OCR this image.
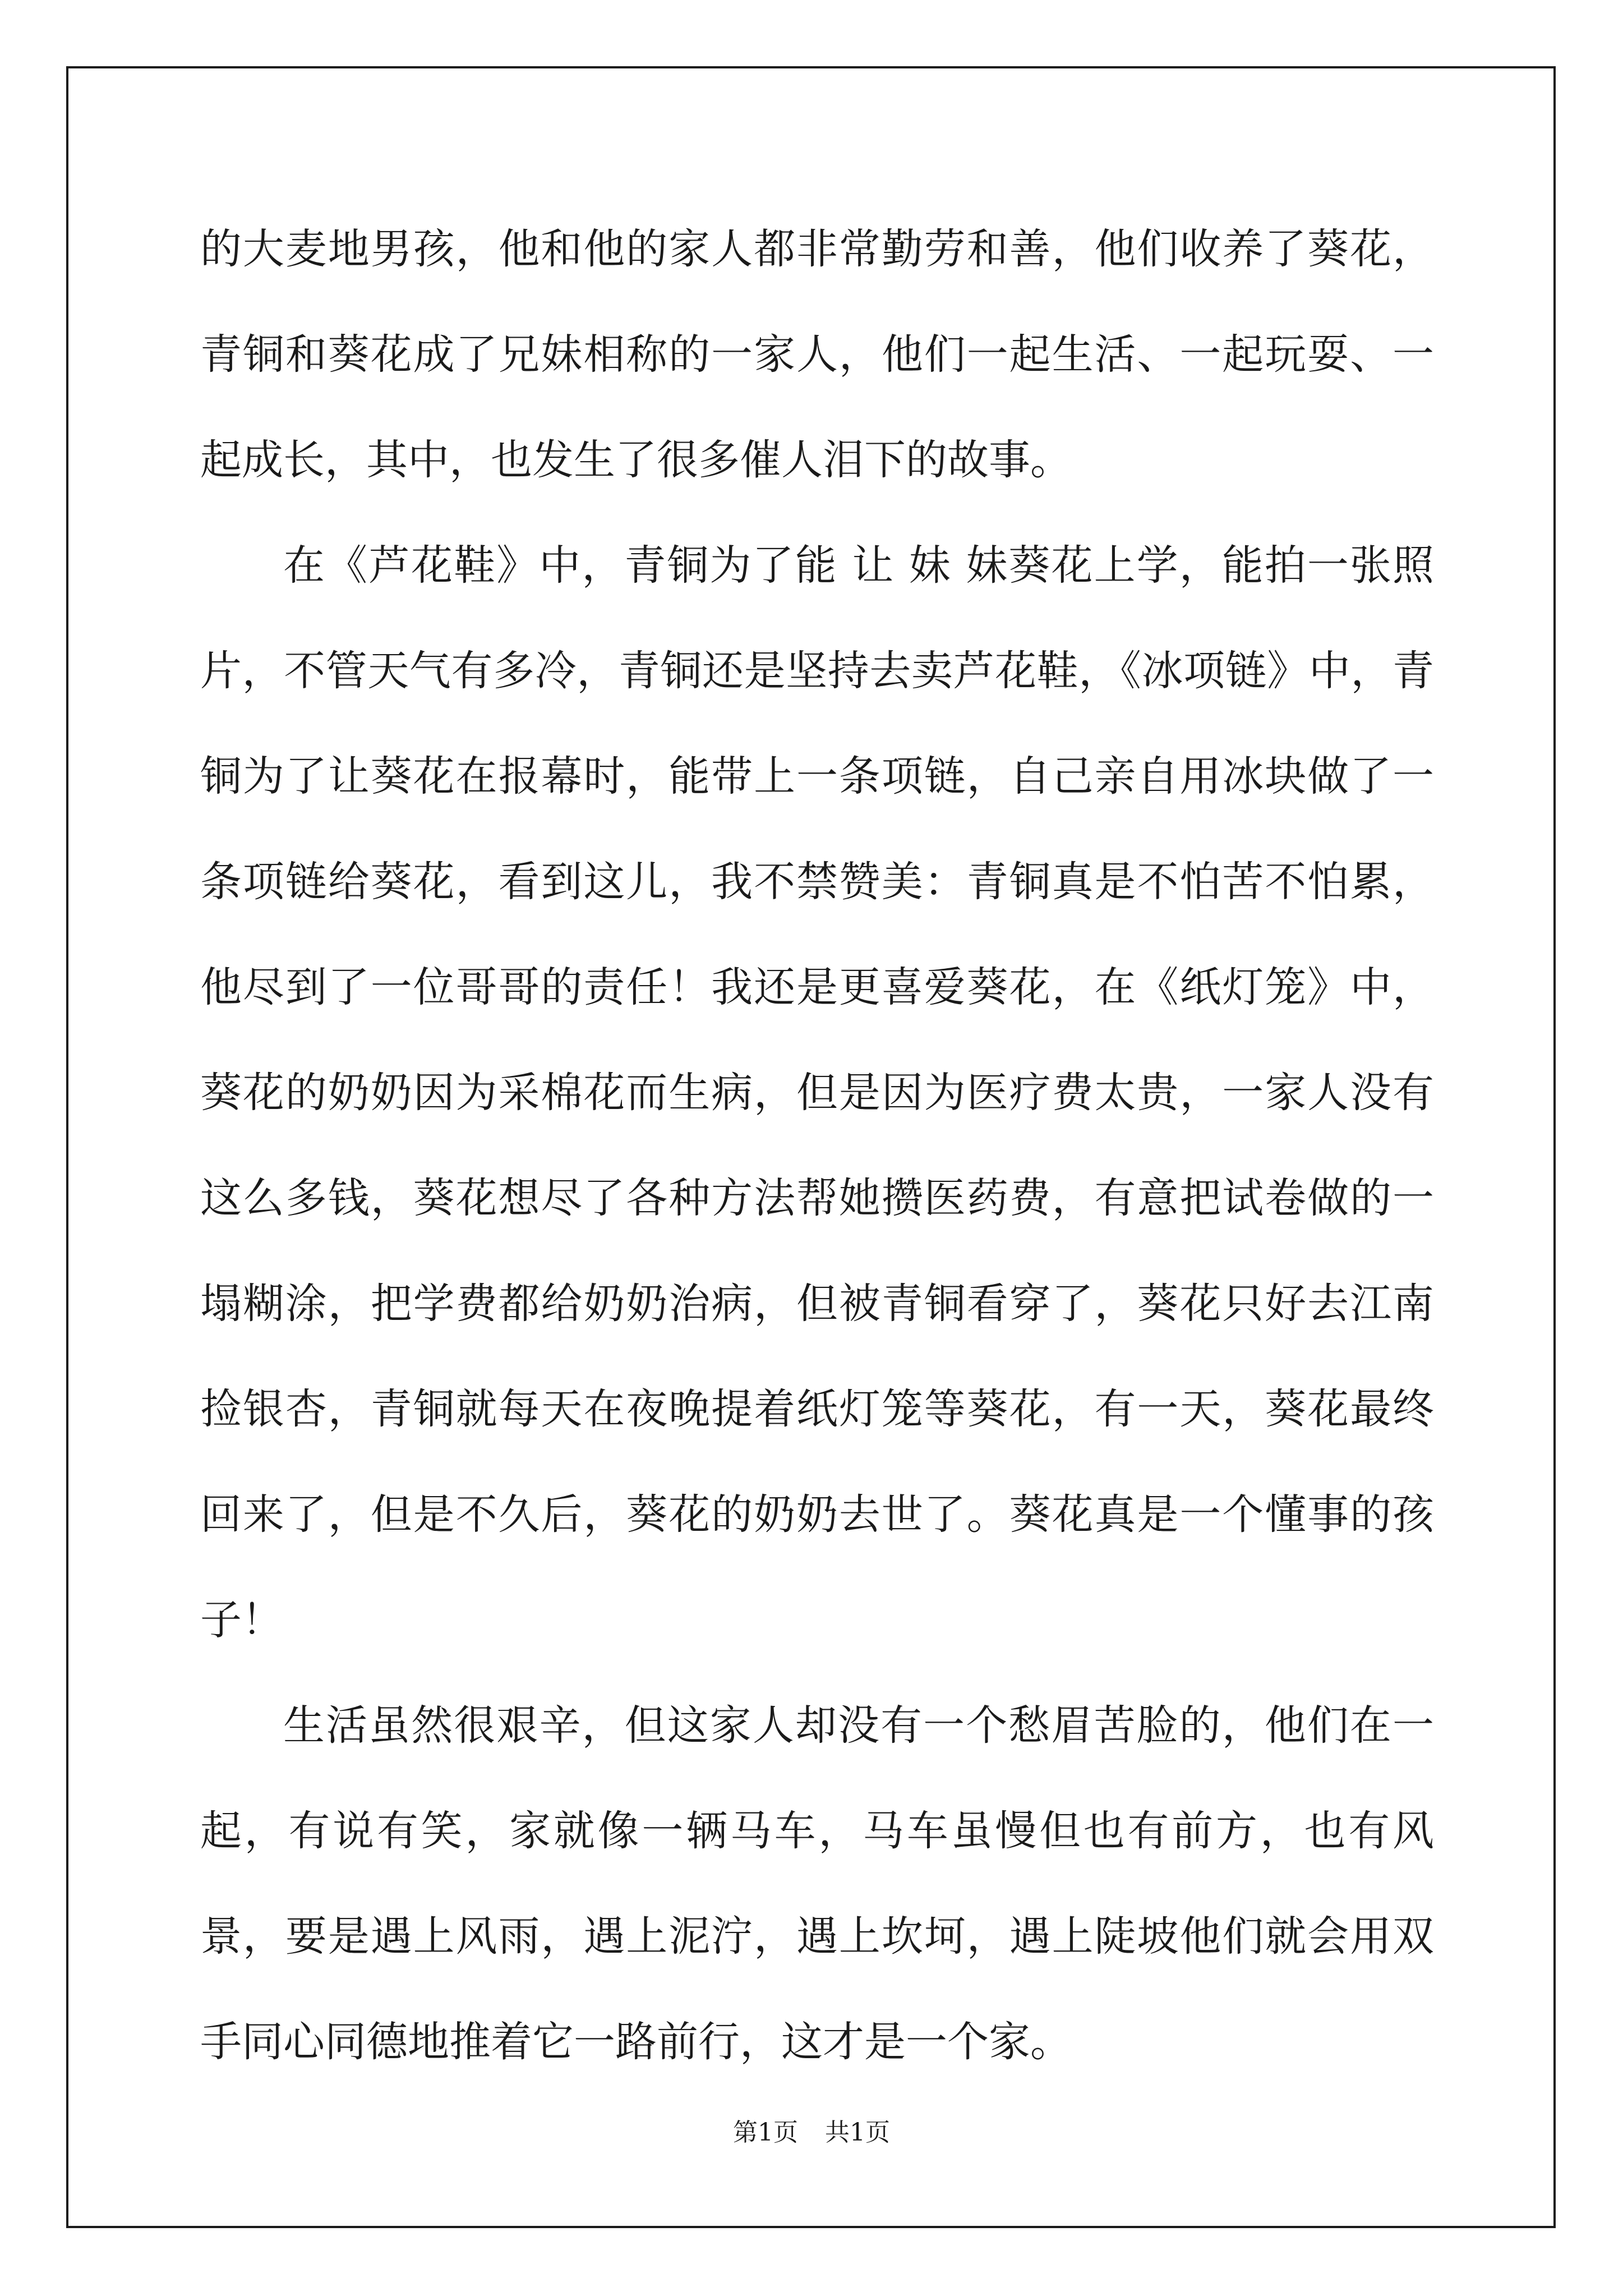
的大麦地男孩，他和他的家人都非常勤劳和善，他们收养了葵花，青铜和葵花成了兄妹相称的一家人，他们一起生活、一起玩耍、一起成长，其中，也发生了很多催人泪下的故事。

在《芦花鞋》中，青铜为了能 让 妹 妹葵花上学，能拍一张照片，不管天气有多冷，青铜还是坚持去卖芦花鞋，《冰项链》中，青铜为了让葵花在报幕时，能带上一条项链，自己亲自用冰块做了一条项链给葵花，看到这儿，我不禁赞美：青铜真是不怕苦不怕累，他尽到了一位哥哥的责任！我还是更喜爱葵花，在《纸灯笼》中，葵花的奶奶因为采棉花而生病，但是因为医疗费太贵，一家人没有这么多钱，葵花想尽了各种方法帮她攒医药费，有意把试卷做的一塌糊涂，把学费都给奶奶治病，但被青铜看穿了，葵花只好去江南捡银杏，青铜就每天在夜晚提着纸灯笼等葵花，有一天，葵花最终回来了，但是不久后，葵花的奶奶去世了。葵花真是一个懂事的孩子！

生活虽然很艰辛，但这家人却没有一个愁眉苦脸的，他们在一起，有说有笑，家就像一辆马车，马车虽慢但也有前方，也有风景，要是遇上风雨，遇上泥泞，遇上坎坷，遇上陡坡他们就会用双手同心同德地推着它一路前行，这才是一个家。

第1页 共1页
